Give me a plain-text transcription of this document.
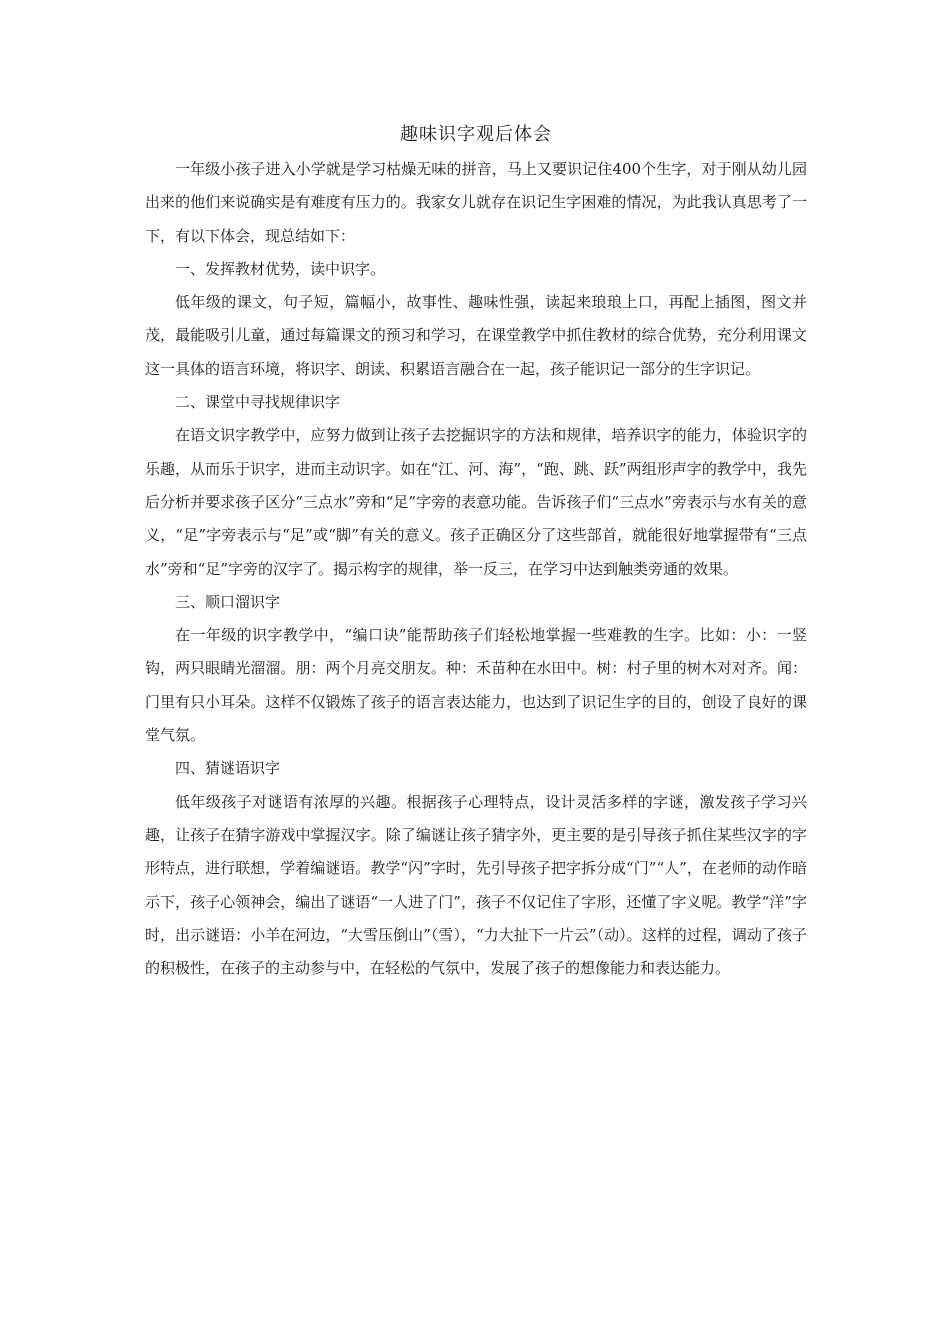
趣味识字观后体会

一年级小孩子进入小学就是学习枯燥无味的拼音，马上又要识记住400个生字，对于刚从幼儿园出来的他们来说确实是有难度有压力的。我家女儿就存在识记生字困难的情况，为此我认真思考了一下，有以下体会，现总结如下：

一、发挥教材优势，读中识字。

低年级的课文，句子短，篇幅小，故事性、趣味性强，读起来琅琅上口，再配上插图，图文并茂，最能吸引儿童，通过每篇课文的预习和学习，在课堂教学中抓住教材的综合优势，充分利用课文这一具体的语言环境，将识字、朗读、积累语言融合在一起，孩子能识记一部分的生字识记。

二、课堂中寻找规律识字

在语文识字教学中，应努力做到让孩子去挖掘识字的方法和规律，培养识字的能力，体验识字的乐趣，从而乐于识字，进而主动识字。如在“江、河、海”，“跑、跳、跃”两组形声字的教学中，我先后分析并要求孩子区分“三点水”旁和“足”字旁的表意功能。告诉孩子们“三点水”旁表示与水有关的意义，“足”字旁表示与“足”或“脚”有关的意义。孩子正确区分了这些部首，就能很好地掌握带有“三点水”旁和“足”字旁的汉字了。揭示构字的规律，举一反三，在学习中达到触类旁通的效果。

三、顺口溜识字

在一年级的识字教学中，“编口诀”能帮助孩子们轻松地掌握一些难教的生字。比如：小：一竖钩，两只眼睛光溜溜。朋：两个月亮交朋友。种：禾苗种在水田中。树：村子里的树木对对齐。闻：门里有只小耳朵。这样不仅锻炼了孩子的语言表达能力，也达到了识记生字的目的，创设了良好的课堂气氛。

四、猜谜语识字

低年级孩子对谜语有浓厚的兴趣。根据孩子心理特点，设计灵活多样的字谜，激发孩子学习兴趣，让孩子在猜字游戏中掌握汉字。除了编谜让孩子猜字外，更主要的是引导孩子抓住某些汉字的字形特点，进行联想，学着编谜语。教学“闪”字时，先引导孩子把字拆分成“门”“人”，在老师的动作暗示下，孩子心领神会，编出了谜语“一人进了门”，孩子不仅记住了字形，还懂了字义呢。教学“洋”字时，出示谜语：小羊在河边，“大雪压倒山”（雪），“力大扯下一片云”（动）。这样的过程，调动了孩子的积极性，在孩子的主动参与中，在轻松的气氛中，发展了孩子的想像能力和表达能力。
